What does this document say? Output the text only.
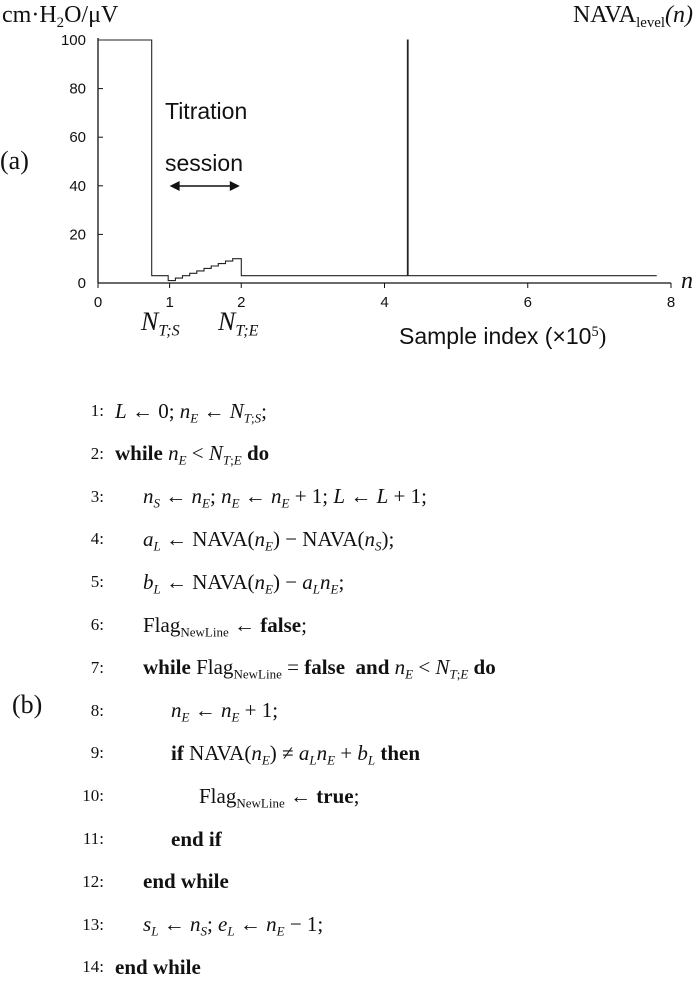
0
20
40
60
80
100
0	2	4	6	8
1
$cm\cdot H_2O/\mu V$	$NAVA_{level}(n)$
(a)
Titration
session
n
$N_{T;S}$ $N_{T;E}$	Sample index $(\times 10^5)$
(b)
1: L ← 0; $n_E$ ← $N_{T;S}$;
2: while $n_E < N_{T;E}$ do
3: $n_S$ ← $n_E$; $n_E$ ← $n_E + 1$; L ← L + 1;
4: $a_L$ ← $NAVA(n_E)$ − $NAVA(n_S)$;
5: $b_L$ ← $NAVA(n_E) - a_Ln_E$;
6: Flag$_{NewLine}$ ← false;
7: while Flag$_{NewLine}$ = false and $n_E < N_{T;E}$ do
8:	$n_E$ ← $n_E + 1$;
9:	if $NAVA(n_E) \ne a_Ln_E + b_L$ then
10:	Flag$_{NewLine}$ ← true;
11:	end if
12: end while
13: $s_L$ ← $n_S$; $e_L$ ← $n_E - 1$;
14: end while
